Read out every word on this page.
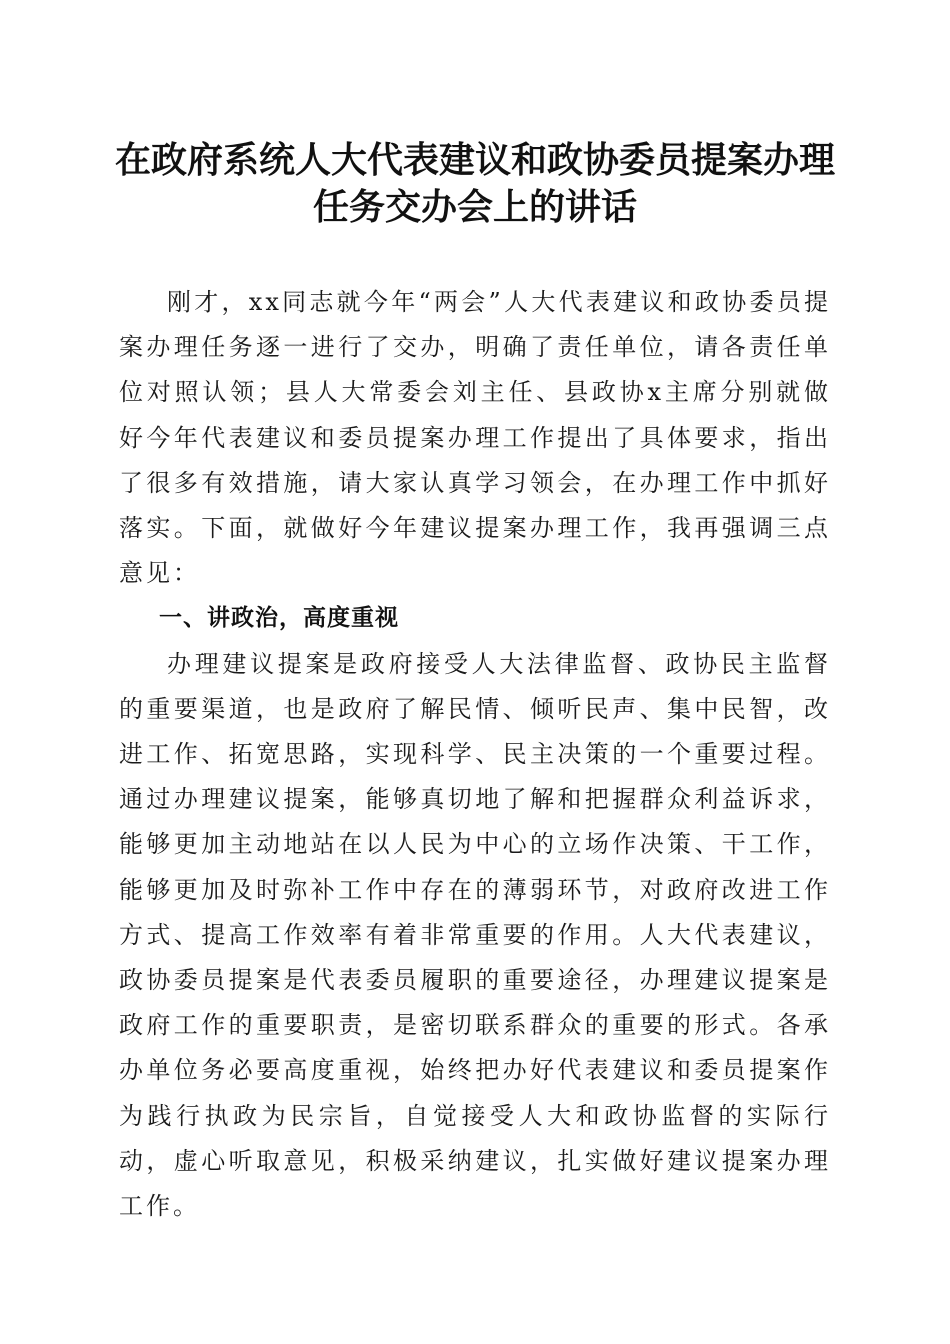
在政府系统人大代表建议和政协委员提案办理
任务交办会上的讲话

刚才，xx同志就今年“两会”人大代表建议和政协委员提案办理任务逐一进行了交办，明确了责任单位，请各责任单位对照认领；县人大常委会刘主任、县政协x主席分别就做好今年代表建议和委员提案办理工作提出了具体要求，指出了很多有效措施，请大家认真学习领会，在办理工作中抓好落实。下面，就做好今年建议提案办理工作，我再强调三点意见：

一、讲政治，高度重视

办理建议提案是政府接受人大法律监督、政协民主监督的重要渠道，也是政府了解民情、倾听民声、集中民智，改进工作、拓宽思路，实现科学、民主决策的一个重要过程。通过办理建议提案，能够真切地了解和把握群众利益诉求，能够更加主动地站在以人民为中心的立场作决策、干工作，能够更加及时弥补工作中存在的薄弱环节，对政府改进工作方式、提高工作效率有着非常重要的作用。人大代表建议，政协委员提案是代表委员履职的重要途径，办理建议提案是政府工作的重要职责，是密切联系群众的重要的形式。各承办单位务必要高度重视，始终把办好代表建议和委员提案作为践行执政为民宗旨，自觉接受人大和政协监督的实际行动，虚心听取意见，积极采纳建议，扎实做好建议提案办理工作。
